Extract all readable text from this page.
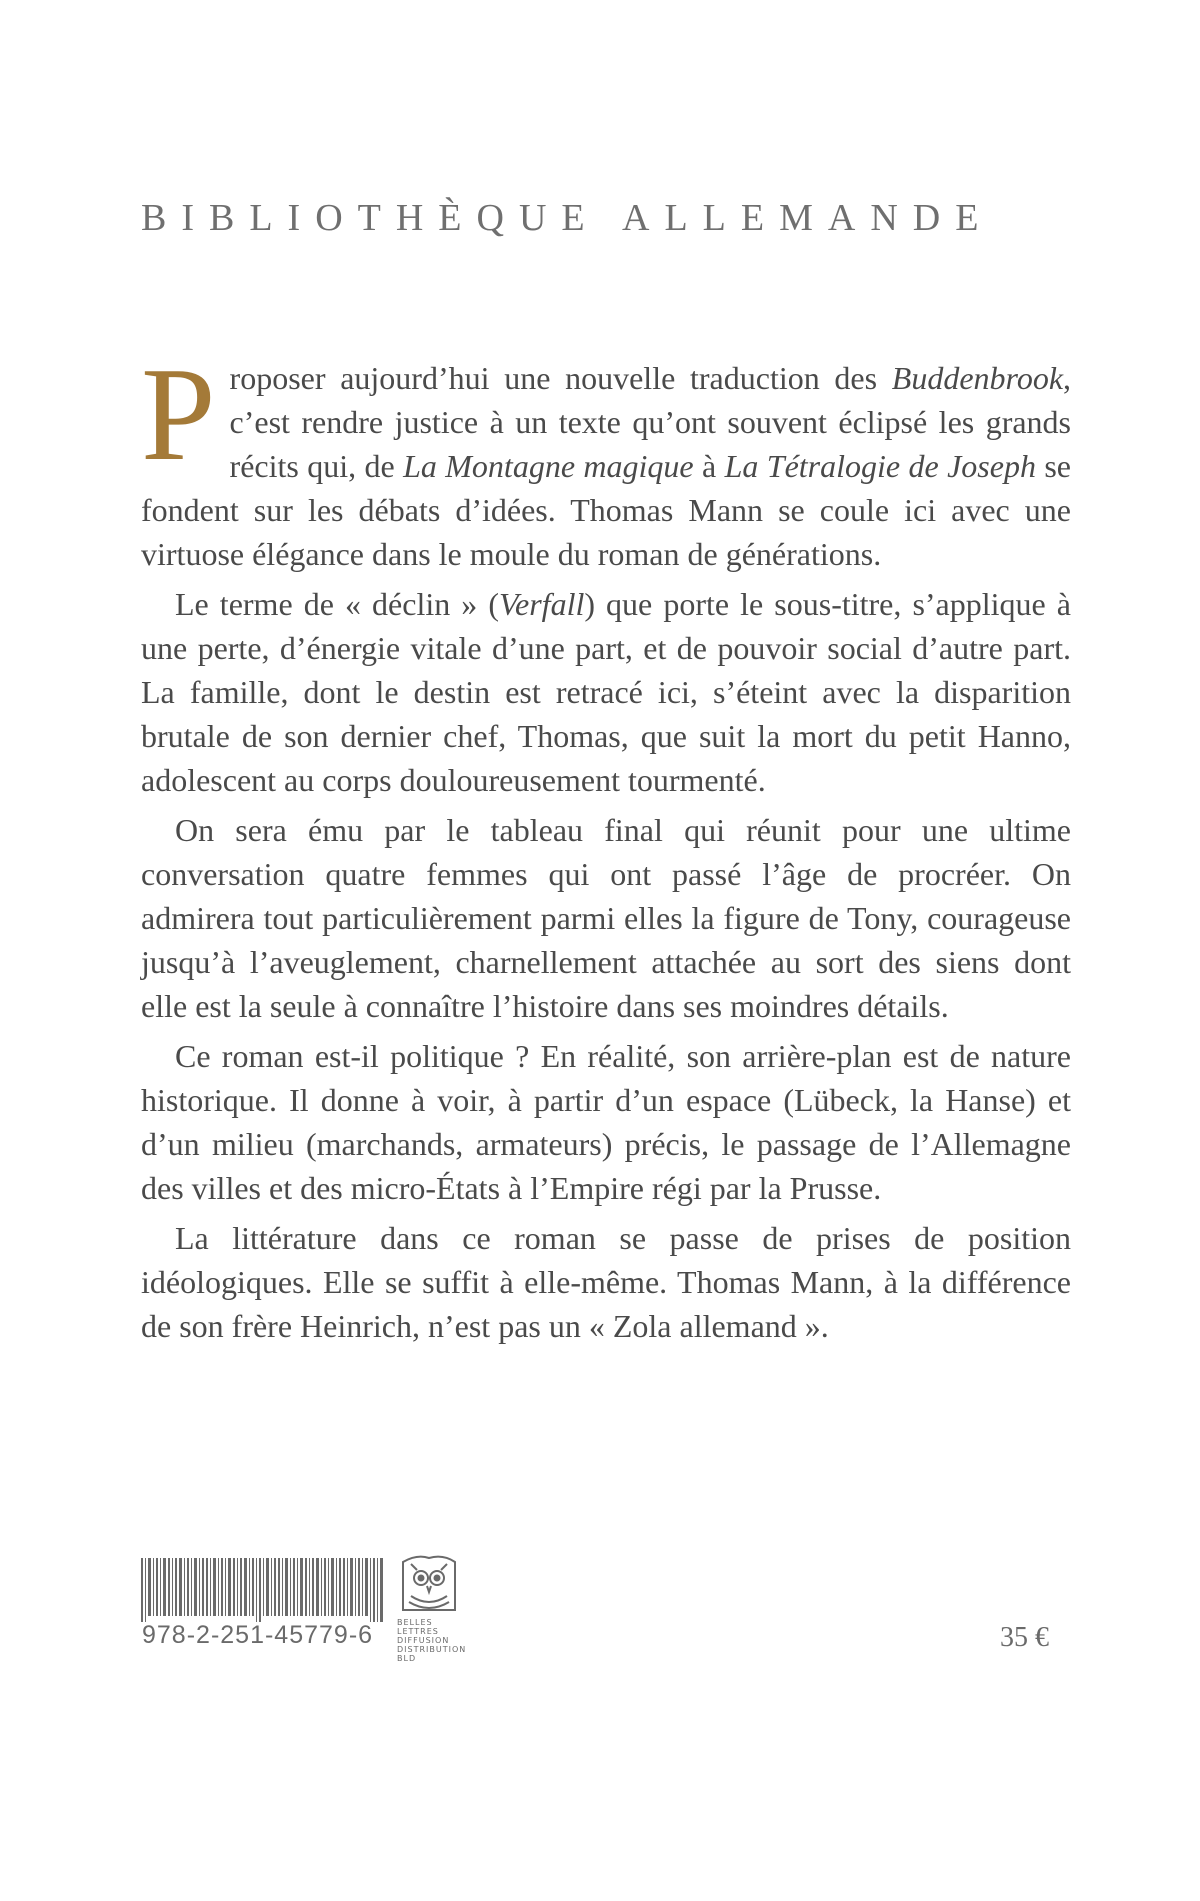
BIBLIOTHÈQUE ALLEMANDE

Proposer aujourd’hui une nouvelle traduction des Buddenbrook, c’est rendre justice à un texte qu’ont souvent éclipsé les grands récits qui, de La Montagne magique à La Tétralogie de Joseph se fondent sur les débats d’idées. Thomas Mann se coule ici avec une virtuose élégance dans le moule du roman de générations.

Le terme de « déclin » (Verfall) que porte le sous-titre, s’applique à une perte, d’énergie vitale d’une part, et de pouvoir social d’autre part. La famille, dont le destin est retracé ici, s’éteint avec la disparition brutale de son dernier chef, Thomas, que suit la mort du petit Hanno, adolescent au corps douloureusement tourmenté.

On sera ému par le tableau final qui réunit pour une ultime conversation quatre femmes qui ont passé l’âge de procréer. On admirera tout particulièrement parmi elles la figure de Tony, courageuse jusqu’à l’aveuglement, charnellement attachée au sort des siens dont elle est la seule à connaître l’histoire dans ses moindres détails.

Ce roman est-il politique ? En réalité, son arrière-plan est de nature historique. Il donne à voir, à partir d’un espace (Lübeck, la Hanse) et d’un milieu (marchands, armateurs) précis, le passage de l’Allemagne des villes et des micro-États à l’Empire régi par la Prusse.

La littérature dans ce roman se passe de prises de position idéologiques. Elle se suffit à elle-même. Thomas Mann, à la différence de son frère Heinrich, n’est pas un « Zola allemand ».

978-2-251-45779-6	BELLES LETTRES
DIFFUSION
DISTRIBUTION
BLD
35 €
